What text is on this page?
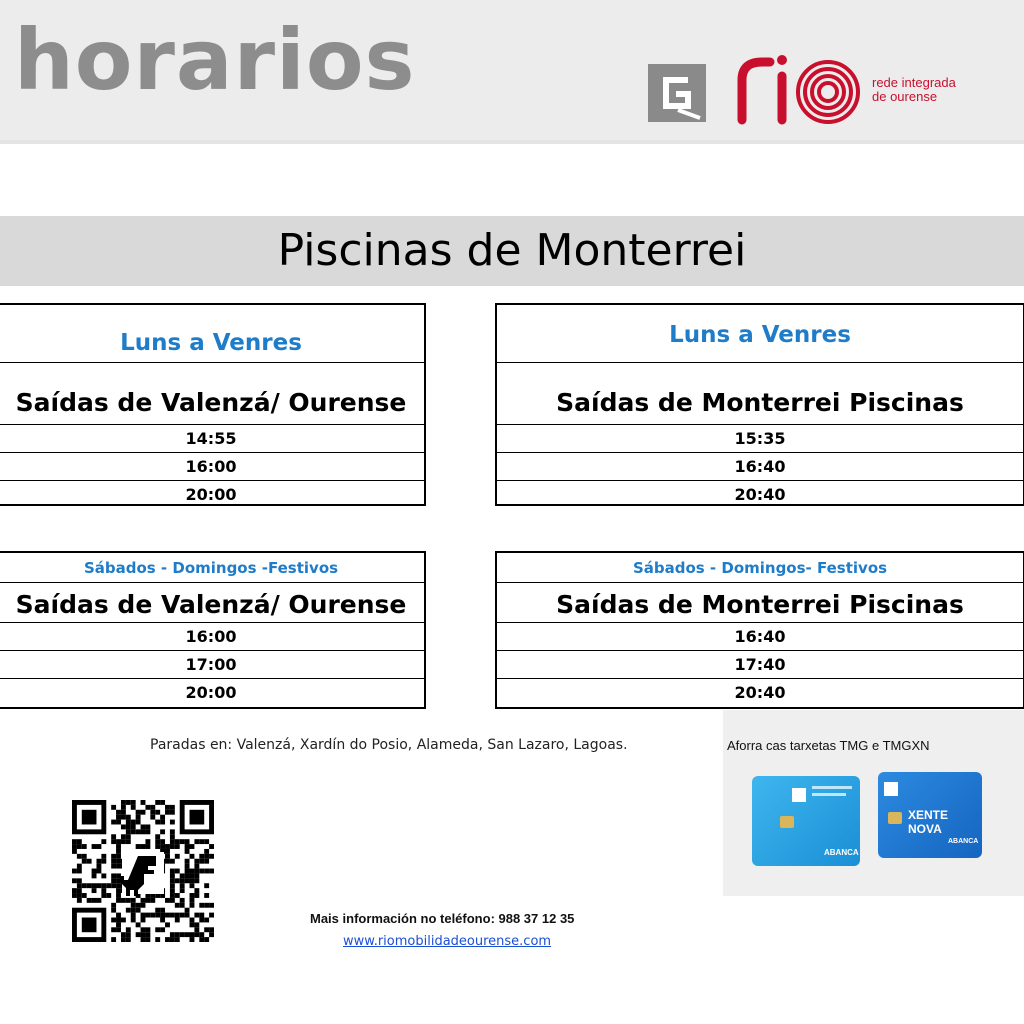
horarios	rede integrada
de ourense
Piscinas de Monterrei
Luns a Venres
Saídas de Valenzá/ Ourense
14:55
16:00
20:00
Luns a Venres
Saídas de Monterrei Piscinas
15:35
16:40
20:40
Sábados - Domingos -Festivos
Saídas de Valenzá/ Ourense
16:00
17:00
20:00
Sábados - Domingos- Festivos
Saídas de Monterrei Piscinas
16:40
17:40
20:40
Paradas en: Valenzá, Xardín do Posio, Alameda, San Lazaro, Lagoas.	Aforra cas tarxetas TMG e TMGXN
ABANCA
XENTE NOVA
ABANCA
Mais información no teléfono: 988 37 12 35
www.riomobilidadeourense.com
